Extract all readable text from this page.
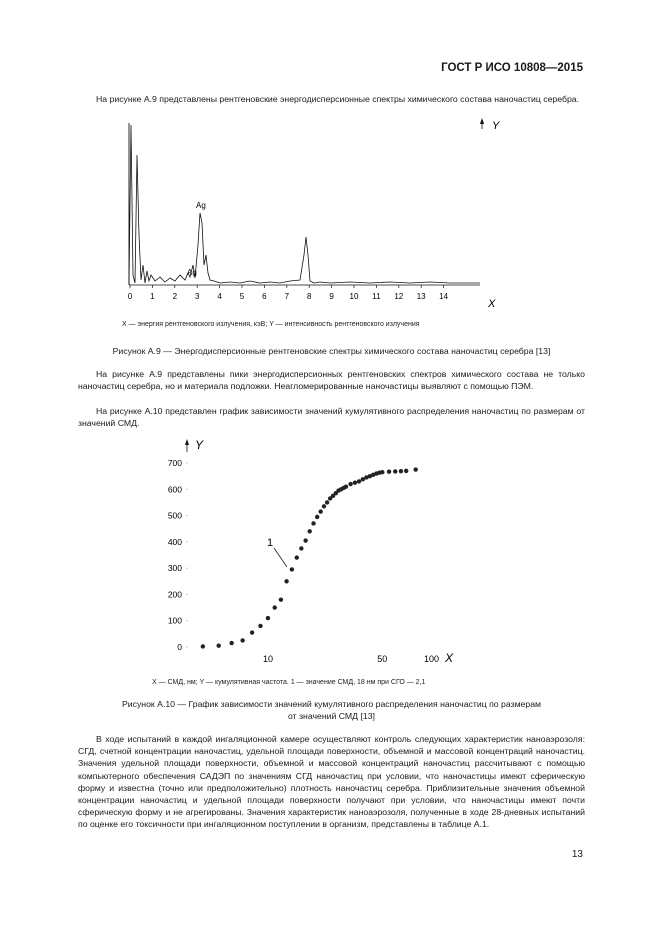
ГОСТ Р ИСО 10808—2015

На рисунке А.9 представлены рентгеновские энергодисперсионные спектры химического состава наночастиц серебра.

Y
Ag
Ag
0 1 2 3 4 5 6 7 8 9 10 11 12 13 14
X
X — энергия рентгеновского излучения, кэВ; Y — интенсивность рентгеновского излучения
Рисунок А.9 — Энергодисперсионные рентгеновские спектры химического состава наночастиц серебра [13]

На рисунке А.9 представлены пики энергодисперсионных рентгеновских спектров химического состава не только наночастиц серебра, но и материала подложки. Неагломерированные наночастицы выявляют с помощью ПЭМ.

На рисунке А.10 представлен график зависимости значений кумулятивного распределения наночастиц по размерам от значений СМД.

Y
X
0
100
200
300
400
500
600
700
10	50	100
1
X — СМД, нм; Y — кумулятивная частота. 1 — значение СМД, 18 нм при СГО — 2,1
Рисунок А.10 — График зависимости значений кумулятивного распределения наночастиц по размерам
от значений СМД [13]

В ходе испытаний в каждой ингаляционной камере осуществляют контроль следующих характеристик наноаэрозоля: СГД, счетной концентрации наночастиц, удельной площади поверхности, объемной и массовой концентраций наночастиц. Значения удельной площади поверхности, объемной и массовой концентраций наночастиц рассчитывают с помощью компьютерного обеспечения САДЭП по значениям СГД наночастиц при условии, что наночастицы имеют сферическую форму и известна (точно или предположительно) плотность наночастиц серебра. Приблизительные значения объемной концентрации наночастиц и удельной площади поверхности получают при условии, что наночастицы имеют почти сферическую форму и не агрегированы. Значения характеристик наноаэрозоля, полученные в ходе 28-дневных испытаний по оценке его токсичности при ингаляционном поступлении в организм, представлены в таблице А.1.

13
